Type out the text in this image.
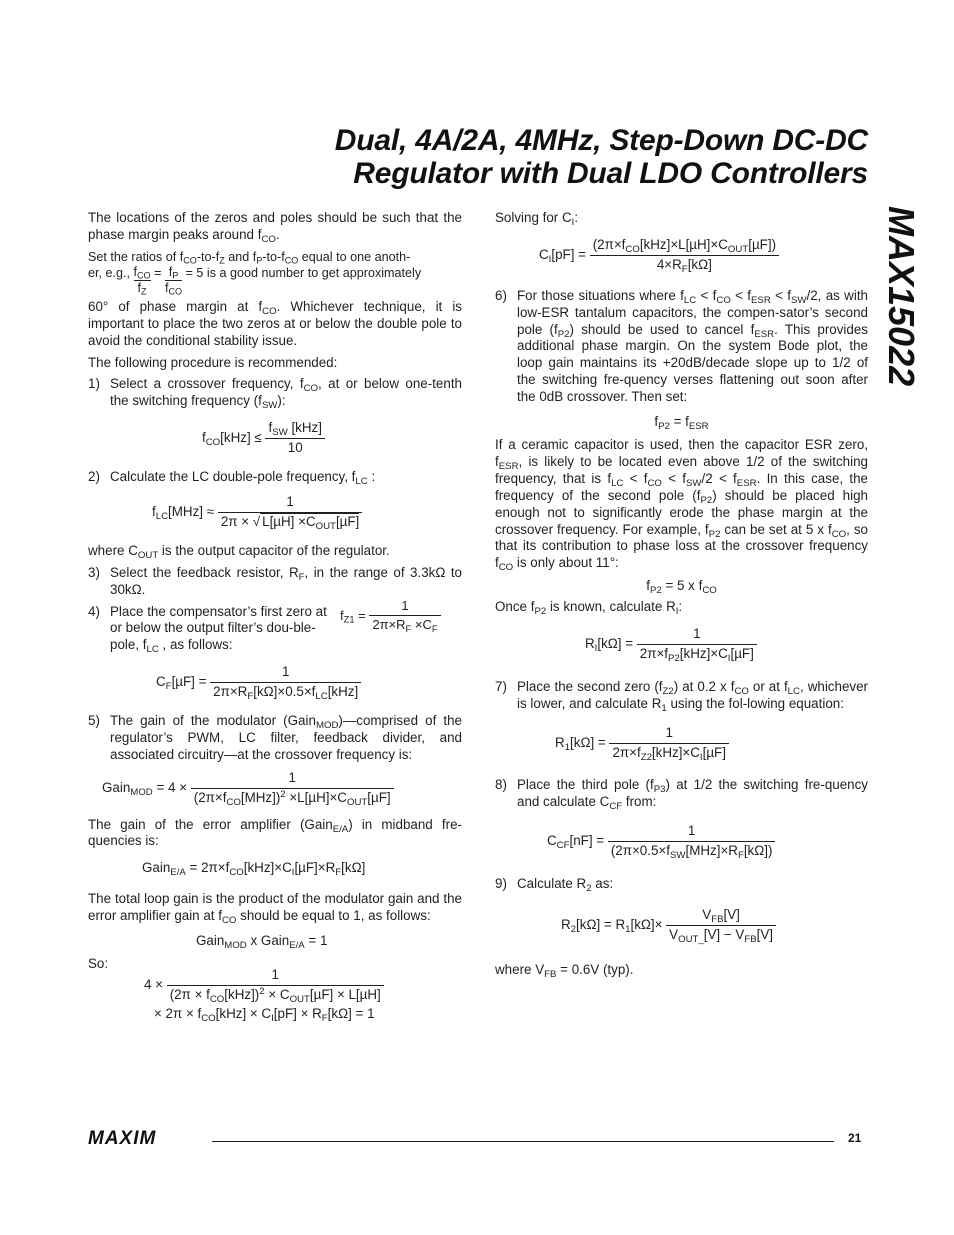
Dual, 4A/2A, 4MHz, Step-Down DC-DC
Regulator with Dual LDO Controllers
MAX15022

The locations of the zeros and poles should be such that the phase margin peaks around $f_{CO}$.

Set the ratios of $f_{CO}-to-f_Z$ and $f_P-to-f_{CO}$ equal to one anoth-
er, e.g., $\frac{f_{CO}}{f_Z} = \frac{f_P}{f_{CO}} = 5$ is a good number to get approximately

60° of phase margin at $f_{CO}$. Whichever technique, it is important to place the two zeros at or below the double pole to avoid the conditional stability issue.

The following procedure is recommended:

1) Select a crossover frequency, $f_{CO}$, at or below one-tenth the switching frequency $(f_{SW})$:
$f_{CO}[kHz] \le \frac{f_{SW} [kHz]}{10}$
2) Calculate the LC double-pole frequency, $f_{LC}$ :
$f_{LC}[MHz] \approx \frac{1}{2\pi \times √ L[\mu H] \times C_{OUT}[\mu F]}$

where $C_{OUT}$ is the output capacitor of the regulator.

3) Select the feedback resistor, $R_F$, in the range of 3.3kΩ to 30kΩ.
4) Place the compensator’s first zero at or below the output filter’s dou-ble-pole, $f_{LC}$ , as follows:
$f_{Z1} = \frac{1}{2\pi\times R_F \times C_F}$
$C_F[\mu F] = \frac{1}{2\pi\times R_F[k\Omega]\times 0.5\times f_{LC}[kHz]}$
5) The gain of the modulator (Gain$_{MOD}$)—comprised of the regulator’s PWM, LC filter, feedback divider, and associated circuitry—at the crossover frequency is:
Gain$_{MOD}$ = $4 \times \frac{1}{(2\pi\times f_{CO}[MHz])^2 \times L[\mu H]\times C_{OUT}[\mu F]}$

The gain of the error amplifier (Gain$_{E/A}$) in midband fre-quencies is:

Gain$_{E/A}$ = $2\pi\times f_{CO}[kHz]\times C_I[\mu F]\times R_F[k\Omega]$

The total loop gain is the product of the modulator gain and the error amplifier gain at $f_{CO}$ should be equal to 1, as follows:

Gain$_{MOD}$ x Gain$_{E/A}$ = 1

So:

$4 \times \frac{1}{(2\pi \times f_{CO}[kHz])^2 \times C_{OUT}[\mu F] \times L[\mu H]}$
× $2\pi \times f_{CO}[kHz] \times C_I[pF] \times R_F[k\Omega] = 1$

Solving for $C_I$:

$C_I[pF] = \frac{(2\pi\times f_{CO}[kHz]\times L[\mu H]\times C_{OUT}[\mu F])}{4\times R_F[k\Omega]}$
6) For those situations where $f_{LC} < f_{CO} < f_{ESR} < f_{SW}/2$, as with low-ESR tantalum capacitors, the compen-sator’s second pole $(f_{P2})$ should be used to cancel $f_{ESR}$. This provides additional phase margin. On the system Bode plot, the loop gain maintains its +20dB/decade slope up to 1/2 of the switching fre-quency verses flattening out soon after the 0dB crossover. Then set:
$f_{P2} = f_{ESR}$

If a ceramic capacitor is used, then the capacitor ESR zero, $f_{ESR}$, is likely to be located even above 1/2 of the switching frequency, that is $f_{LC} < f_{CO} < f_{SW}/2 < f_{ESR}$. In this case, the frequency of the second pole $(f_{P2})$ should be placed high enough not to significantly erode the phase margin at the crossover frequency. For example, $f_{P2}$ can be set at 5 x $f_{CO}$, so that its contribution to phase loss at the crossover frequency $f_{CO}$ is only about 11°:

$f_{P2} = 5$ x $f_{CO}$

Once $f_{P2}$ is known, calculate $R_I$:

$R_I[k\Omega] = \frac{1}{2\pi\times f_{P2}[kHz]\times C_I[\mu F]}$
7) Place the second zero $(f_{Z2})$ at 0.2 x $f_{CO}$ or at $f_{LC}$, whichever is lower, and calculate $R_1$ using the fol-lowing equation:
$R_1[k\Omega] = \frac{1}{2\pi\times f_{Z2}[kHz]\times C_I[\mu F]}$
8) Place the third pole $(f_{P3})$ at 1/2 the switching fre-quency and calculate $C_{CF}$ from:
$C_{CF}[nF] = \frac{1}{(2\pi\times 0.5\times f_{SW}[MHz]\times R_F[k\Omega])}$
9) Calculate $R_2$ as:
$R_2[k\Omega] = R_1[k\Omega]\times \frac{V_{FB}[V]}{V_{OUT\_}[V] - V_{FB}[V]}$

where $V_{FB} = 0.6V$ (typ).

MAXIM	21
